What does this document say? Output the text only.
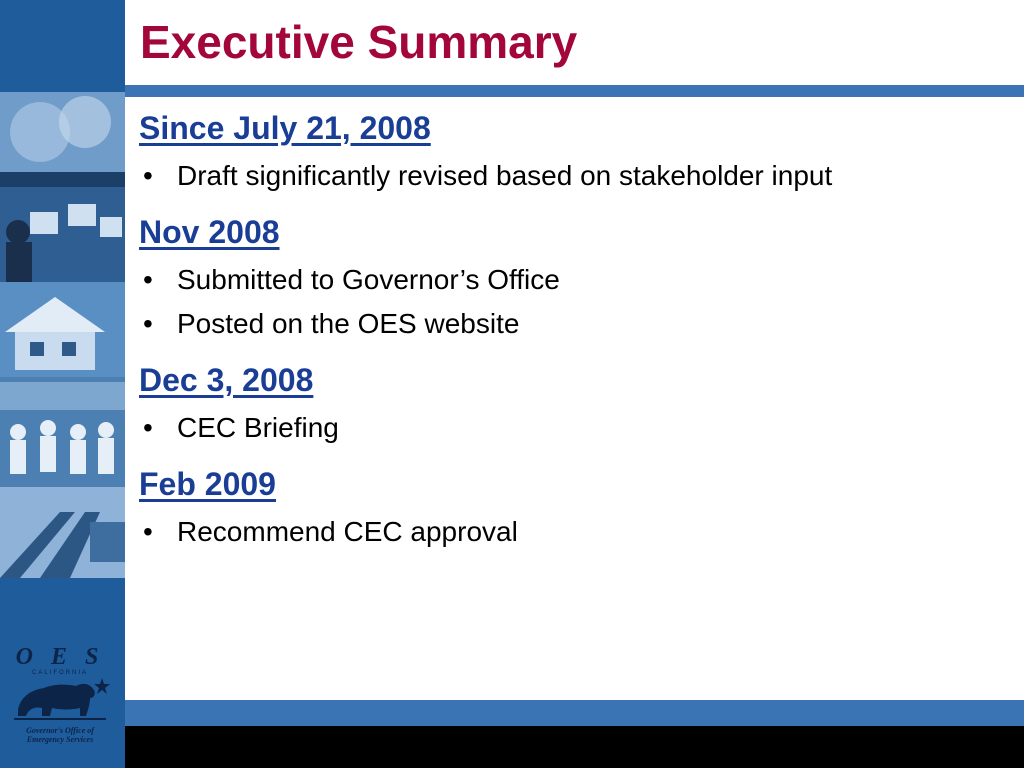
O E S
CALIFORNIA
Governor's Office of
Emergency Services
Executive Summary

Since July 21, 2008

• Draft significantly revised based on stakeholder input

Nov 2008

• Submitted to Governor’s Office
• Posted on the OES website

Dec 3, 2008

• CEC Briefing

Feb 2009

• Recommend CEC approval
